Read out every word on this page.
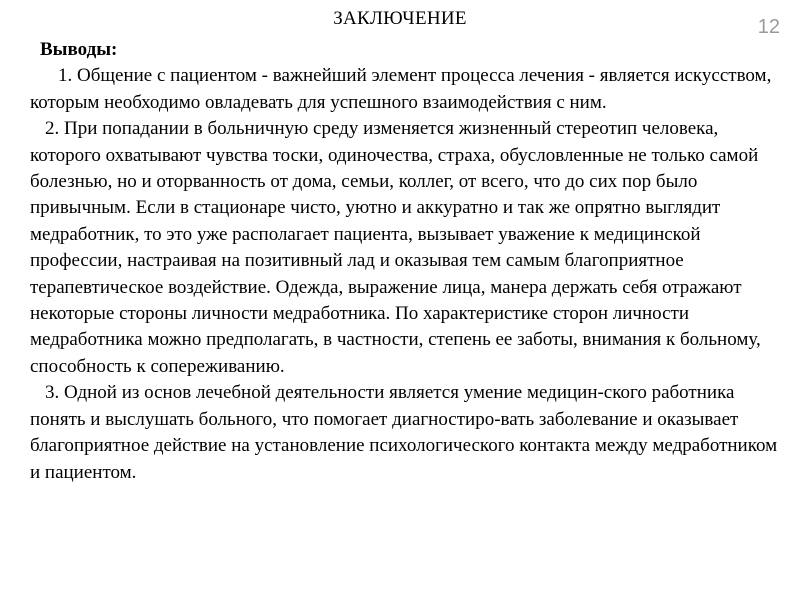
ЗАКЛЮЧЕНИЕ	12
Выводы:

1. Общение с пациентом - важнейший элемент процесса лечения - является искусством, которым необходимо овладевать для успешного взаимодействия с ним.

2. При попадании в больничную среду изменяется жизненный стереотип человека, которого охватывают чувства тоски, одиночества, страха, обусловленные не только самой болезнью, но и оторванность от дома, семьи, коллег, от всего, что до сих пор было привычным. Если в стационаре чисто, уютно и аккуратно и так же опрятно выглядит медработник, то это уже располагает пациента, вызывает уважение к медицинской профессии, настраивая на позитивный лад и оказывая тем самым благоприятное терапевтическое воздействие. Одежда, выражение лица, манера держать себя отражают некоторые стороны личности медработника. По характеристике сторон личности медработника можно предполагать, в частности, степень ее заботы, внимания к больному, способность к сопереживанию.

3. Одной из основ лечебной деятельности является умение медицин-ского работника понять и выслушать больного, что помогает диагностиро-вать заболевание и оказывает благоприятное действие на установление психологического контакта между медработником и пациентом.
